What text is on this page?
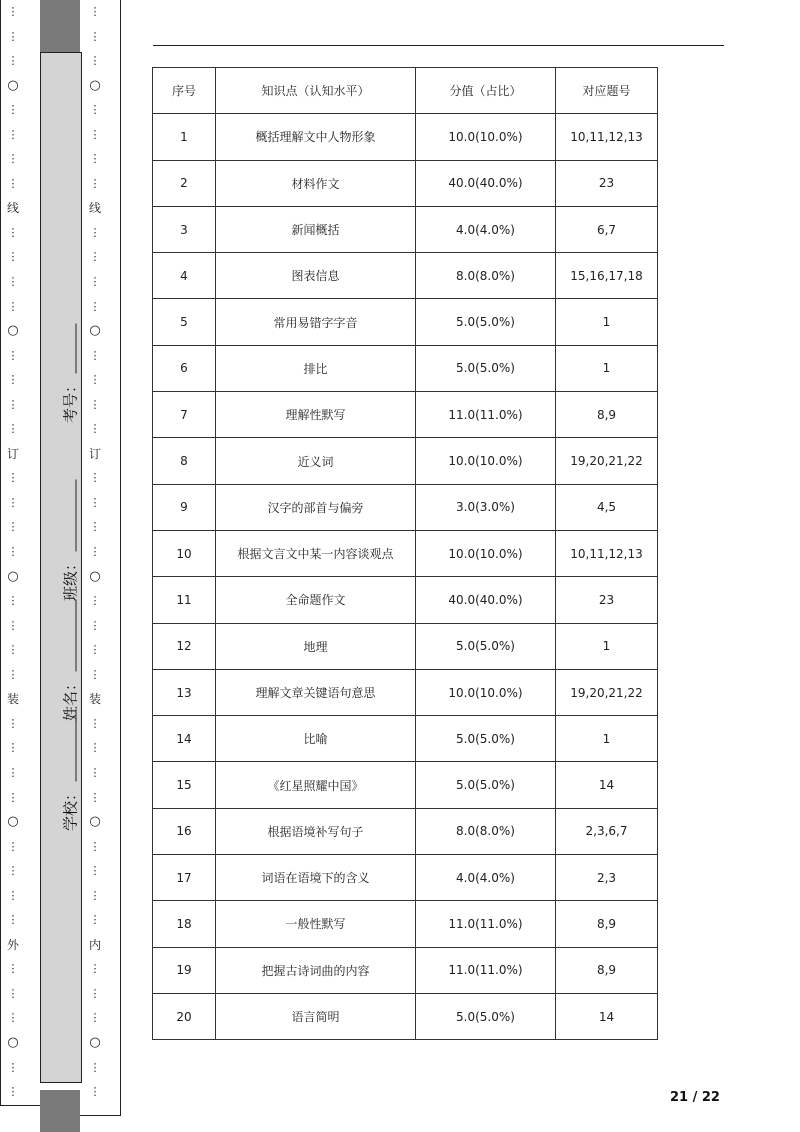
⋮
⋮
⋮
○
⋮
⋮
⋮
⋮
线
⋮
⋮
⋮
⋮
○
⋮
⋮
⋮
⋮
订
⋮
⋮
⋮
⋮
○
⋮
⋮
⋮
⋮
装
⋮
⋮
⋮
⋮
○
⋮
⋮
⋮
⋮
外
⋮
⋮
⋮
○
⋮
⋮
⋮
⋮
⋮
○
⋮
⋮
⋮
⋮
线
⋮
⋮
⋮
⋮
○
⋮
⋮
⋮
⋮
订
⋮
⋮
⋮
⋮
○
⋮
⋮
⋮
⋮
装
⋮
⋮
⋮
⋮
○
⋮
⋮
⋮
⋮
内
⋮
⋮
⋮
○
⋮
⋮
考号：
班级：
姓名：
学校：
序号	知识点（认知水平）	分值（占比）	对应题号
1	概括理解文中人物形象	10.0(10.0%)	10,11,12,13
2	材料作文	40.0(40.0%)	23
3	新闻概括	4.0(4.0%)	6,7
4	图表信息	8.0(8.0%)	15,16,17,18
5	常用易错字字音	5.0(5.0%)	1
6	排比	5.0(5.0%)	1
7	理解性默写	11.0(11.0%)	8,9
8	近义词	10.0(10.0%)	19,20,21,22
9	汉字的部首与偏旁	3.0(3.0%)	4,5
10	根据文言文中某一内容谈观点	10.0(10.0%)	10,11,12,13
11	全命题作文	40.0(40.0%)	23
12	地理	5.0(5.0%)	1
13	理解文章关键语句意思	10.0(10.0%)	19,20,21,22
14	比喻	5.0(5.0%)	1
15	《红星照耀中国》	5.0(5.0%)	14
16	根据语境补写句子	8.0(8.0%)	2,3,6,7
17	词语在语境下的含义	4.0(4.0%)	2,3
18	一般性默写	11.0(11.0%)	8,9
19	把握古诗词曲的内容	11.0(11.0%)	8,9
20	语言简明	5.0(5.0%)	14
21 / 22
